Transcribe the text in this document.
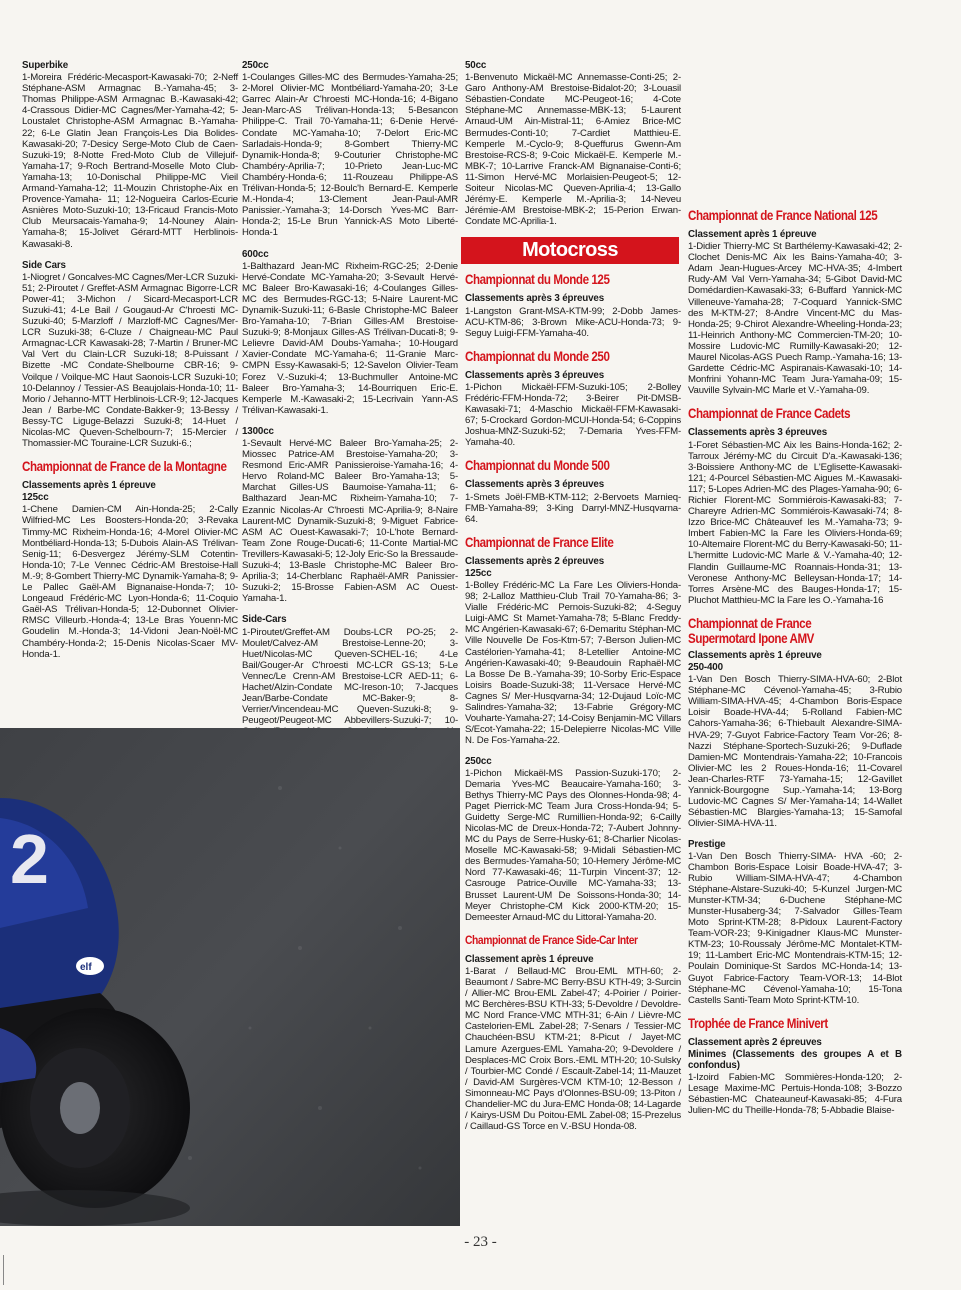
Superbike

1-Moreira Frédéric-Mecasport-Kawasaki-70; 2-Neff Stéphane-ASM Armagnac B.-Yamaha-45; 3-Thomas Philippe-ASM Armagnac B.-Kawasaki-42; 4-Crassous Didier-MC Cagnes/Mer-Yamaha-42; 5-Loustalet Christophe-ASM Armagnac B.-Yamaha-22; 6-Le Glatin Jean François-Les Dia Bolides-Kawasaki-20; 7-Desicy Serge-Moto Club de Caen-Suzuki-19; 8-Notte Fred-Moto Club de Villejuif-Yamaha-17; 9-Roch Bertrand-Moselle Moto Club-Yamaha-13; 10-Donischal Philippe-MC Vieil Armand-Yamaha-12; 11-Mouzin Christophe-Aix en Provence-Yamaha- 11; 12-Nogueira Carlos-Ecurie Asnières Moto-Suzuki-10; 13-Fricaud Francis-Moto Club Meursacais-Yamaha-9; 14-Nouney Alain-Yamaha-8; 15-Jolivet Gérard-MTT Herblinois-Kawasaki-8.

Side Cars

1-Niogret / Goncalves-MC Cagnes/Mer-LCR Suzuki-51; 2-Piroutet / Greffet-ASM Armagnac Bigorre-LCR Power-41; 3-Michon / Sicard-Mecasport-LCR Suzuki-41; 4-Le Bail / Gougaud-Ar C'hroesti MC-Suzuki-40; 5-Marzloff / Marzloff-MC Cagnes/Mer-LCR Suzuki-38; 6-Cluze / Chaigneau-MC Paul Armagnac-LCR Kawasaki-28; 7-Martin / Bruner-MC Val Vert du Clain-LCR Suzuki-18; 8-Puissant / Bizette -MC Condate-Shelbourne CBR-16; 9-Voilque / Voilque-MC Haut Saonois-LCR Suzuki-10; 10-Delannoy / Tessier-AS Beaujolais-Honda-10; 11-Morio / Jehanno-MTT Herblinois-LCR-9; 12-Jacques Jean / Barbe-MC Condate-Bakker-9; 13-Bessy / Bessy-TC Liguge-Belazzi Suzuki-8; 14-Huet / Nicolas-MC Queven-Schelbourn-7; 15-Mercier / Thomassier-MC Touraine-LCR Suzuki-6.;

Championnat de France de la Montagne
Classements après 1 épreuve
125cc

1-Chene Damien-CM Ain-Honda-25; 2-Cally Wilfried-MC Les Boosters-Honda-20; 3-Revaka Timmy-MC Rixheim-Honda-16; 4-Morel Olivier-MC Montbéliard-Honda-13; 5-Dubois Alain-AS Trélivan-Senig-11; 6-Desvergez Jérémy-SLM Cotentin-Honda-10; 7-Le Vennec Cédric-AM Brestoise-Hall M.-9; 8-Gombert Thierry-MC Dynamik-Yamaha-8; 9-Le Pallec Gaël-AM Bignanaise-Honda-7; 10-Longeaud Frédéric-MC Lyon-Honda-6; 11-Coquio Gaël-AS Trélivan-Honda-5; 12-Dubonnet Olivier-RMSC Villeurb.-Honda-4; 13-Le Bras Youenn-MC Goudelin M.-Honda-3; 14-Vidoni Jean-Noël-MC Chambéry-Honda-2; 15-Denis Nicolas-Scaer MV-Honda-1.

250cc

1-Coulanges Gilles-MC des Bermudes-Yamaha-25; 2-Morel Olivier-MC Montbéliard-Yamaha-20; 3-Le Garrec Alain-Ar C'hroesti MC-Honda-16; 4-Bigano Jean-Marc-AS Trélivan-Honda-13; 5-Besancon Philippe-C. Trail 70-Yamaha-11; 6-Denie Hervé-Condate MC-Yamaha-10; 7-Delort Eric-MC Sarladais-Honda-9; 8-Gombert Thierry-MC Dynamik-Honda-8; 9-Couturier Christophe-MC Chambéry-Aprilia-7; 10-Prieto Jean-Luc-MC Chambéry-Honda-6; 11-Rouzeau Philippe-AS Trélivan-Honda-5; 12-Boulc'h Bernard-E. Kemperle M.-Honda-4; 13-Clement Jean-Paul-AMR Panissier.-Yamaha-3; 14-Dorsch Yves-MC Barr-Honda-2; 15-Le Brun Yannick-AS Moto Liberté-Honda-1

600cc

1-Balthazard Jean-MC Rixheim-RGC-25; 2-Denie Hervé-Condate MC-Yamaha-20; 3-Sevault Hervé-MC Baleer Bro-Kawasaki-16; 4-Coulanges Gilles-MC des Bermudes-RGC-13; 5-Naire Laurent-MC Dynamik-Suzuki-11; 6-Basle Christophe-MC Baleer Bro-Yamaha-10; 7-Brian Gilles-AM Brestoise-Suzuki-9; 8-Monjaux Gilles-AS Trélivan-Ducati-8; 9-Lelievre David-AM Doubs-Yamaha-; 10-Hougard Xavier-Condate MC-Yamaha-6; 11-Granie Marc-CMPN Essy-Kawasaki-5; 12-Savelon Olivier-Team Forez V.-Suzuki-4; 13-Buchmuller Antoine-MC Baleer Bro-Yamaha-3; 14-Bourriquen Eric-E. Kemperle M.-Kawasaki-2; 15-Lecrivain Yann-AS Trélivan-Kawasaki-1.

1300cc

1-Sevault Hervé-MC Baleer Bro-Yamaha-25; 2-Miossec Patrice-AM Brestoise-Yamaha-20; 3-Resmond Eric-AMR Panissieroise-Yamaha-16; 4-Hervo Roland-MC Baleer Bro-Yamaha-13; 5-Marchat Gilles-US Baumoise-Yamaha-11; 6-Balthazard Jean-MC Rixheim-Yamaha-10; 7-Ezannic Nicolas-Ar C'hroesti MC-Aprilia-9; 8-Naire Laurent-MC Dynamik-Suzuki-8; 9-Miguet Fabrice-ASM AC Ouest-Kawasaki-7; 10-L'hote Bernard-Team Zone Rouge-Ducati-6; 11-Conte Martial-MC Trevillers-Kawasaki-5; 12-Joly Eric-So la Bressaude-Suzuki-4; 13-Basle Christophe-MC Baleer Bro-Aprilia-3; 14-Cherblanc Raphaël-AMR Panissier-Suzuki-2; 15-Brosse Fabien-ASM AC Ouest-Yamaha-1.

Side-Cars

1-Piroutet/Greffet-AM Doubs-LCR PO-25; 2-Moulet/Calvez-AM Brestoise-Lenne-20; 3-Huet/Nicolas-MC Queven-SCHEL-16; 4-Le Bail/Gouger-Ar C'hroesti MC-LCR GS-13; 5-Le Vennec/Le Crenn-AM Brestoise-LCR AED-11; 6-Hachet/Alzin-Condate MC-Ireson-10; 7-Jacques Jean/Barbe-Condate MC-Baker-9; 8-Verrier/Vincendeau-MC Queven-Suzuki-8; 9-Peugeot/Peugeot-MC Abbevillers-Suzuki-7; 10-

50cc

1-Benvenuto Mickaël-MC Annemasse-Conti-25; 2-Garo Anthony-AM Brestoise-Bidalot-20; 3-Louasil Sébastien-Condate MC-Peugeot-16; 4-Cote Stéphane-MC Annemasse-MBK-13; 5-Laurent Arnaud-UM Ain-Mistral-11; 6-Amiez Brice-MC Bermudes-Conti-10; 7-Cardiet Matthieu-E. Kemperle M.-Cyclo-9; 8-Queffurus Gwenn-Am Brestoise-RCS-8; 9-Coic Mickaël-E. Kemperle M.-MBK-7; 10-Larrive Franck-AM Bignanaise-Conti-6; 11-Simon Hervé-MC Morlaisien-Peugeot-5; 12-Soiteur Nicolas-MC Queven-Aprilia-4; 13-Gallo Jérémy-E. Kemperle M.-Aprilia-3; 14-Neveu Jérémie-AM Brestoise-MBK-2; 15-Perion Erwan-Condate MC-Aprilia-1.

Motocross
Championnat du Monde 125
Classements après 3 épreuves

1-Langston Grant-MSA-KTM-99; 2-Dobb James-ACU-KTM-86; 3-Brown Mike-ACU-Honda-73; 9-Seguy Luigi-FFM-Yamaha-40.

Championnat du Monde 250
Classements après 3 épreuves

1-Pichon Mickaël-FFM-Suzuki-105; 2-Bolley Frédéric-FFM-Honda-72; 3-Beirer Pit-DMSB-Kawasaki-71; 4-Maschio Mickaël-FFM-Kawasaki-67; 5-Crockard Gordon-MCUI-Honda-54; 6-Coppins Joshua-MNZ-Suzuki-52; 7-Demaria Yves-FFM-Yamaha-40.

Championnat du Monde 500
Classements après 3 épreuves

1-Smets Joël-FMB-KTM-112; 2-Bervoets Marnieq-FMB-Yamaha-89; 3-King Darryl-MNZ-Husqvarna-64.

Championnat de France Elite
Classements après 2 épreuves
125cc

1-Bolley Frédéric-MC La Fare Les Oliviers-Honda-98; 2-Lalloz Matthieu-Club Trail 70-Yamaha-86; 3-Vialle Frédéric-MC Pernois-Suzuki-82; 4-Seguy Luigi-AMC St Mamet-Yamaha-78; 5-Blanc Freddy-MC Angérien-Kawasaki-67; 6-Demaritu Stéphan-MC Ville Nouvelle De Fos-Ktm-57; 7-Berson Julien-MC Castélorien-Yamaha-41; 8-Letellier Antoine-MC Angérien-Kawasaki-40; 9-Beaudouin Raphaël-MC La Bosse De B.-Yamaha-39; 10-Sorby Eric-Espace Loisirs Boade-Suzuki-38; 11-Versace Hervé-MC Cagnes S/ Mer-Husqvarna-34; 12-Dujaud Loïc-MC Salindres-Yamaha-32; 13-Fabrie Grégory-MC Vouharte-Yamaha-27; 14-Coisy Benjamin-MC Villars S/Ecot-Yamaha-22; 15-Delepierre Nicolas-MC Ville N. De Fos-Yamaha-22.

250cc

1-Pichon Mickaël-MS Passion-Suzuki-170; 2-Demaria Yves-MC Beaucaire-Yamaha-160; 3-Bethys Thierry-MC Pays des Olonnes-Honda-98; 4-Paget Pierrick-MC Team Jura Cross-Honda-94; 5-Guidetty Serge-MC Rumillien-Honda-92; 6-Cailly Nicolas-MC de Dreux-Honda-72; 7-Aubert Johnny-MC du Pays de Serre-Husky-61; 8-Charlier Nicolas-Moselle MC-Kawasaki-58; 9-Midali Sébastien-MC des Bermudes-Yamaha-50; 10-Hemery Jérôme-MC Nord 77-Kawasaki-46; 11-Turpin Vincent-37; 12-Casrouge Patrice-Ouville MC-Yamaha-33; 13-Brusset Laurent-UM De Soissons-Honda-30; 14-Meyer Christophe-CM Kick 2000-KTM-20; 15-Demeester Arnaud-MC du Littoral-Yamaha-20.

Championnat de France Side-Car Inter
Classement après 1 épreuve

1-Barat / Bellaud-MC Brou-EML MTH-60; 2-Beaumont / Sabre-MC Berry-BSU KTH-49; 3-Surcin / Allier-MC Brou-EML Zabel-47; 4-Poirier / Poirier-MC Berchères-BSU KTH-33; 5-Devoldre / Devoldre-MC Nord France-VMC MTH-31; 6-Ain / Lièvre-MC Castelorien-EML Zabel-28; 7-Senars / Tessier-MC Chauchéen-BSU KTM-21; 8-Picut / Jayet-MC Lamure Azergues-EML Yamaha-20; 9-Devoldere / Desplaces-MC Croix Bors.-EML MTH-20; 10-Sulsky / Tourbier-MC Condé / Escault-Zabel-14; 11-Mauzet / David-AM Surgères-VCM KTM-10; 12-Besson / Simonneau-MC Pays d'Olonnes-BSU-09; 13-Piton / Chandelier-MC du Jura-EMC Honda-08; 14-Lagarde / Kairys-USM Du Poitou-EML Zabel-08; 15-Prezelus / Caillaud-GS Torce en V.-BSU Honda-08.

Championnat de France National 125
Classement après 1 épreuve

1-Didier Thierry-MC St Barthélemy-Kawasaki-42; 2-Clochet Denis-MC Aix les Bains-Yamaha-40; 3-Adam Jean-Hugues-Arcey MC-HVA-35; 4-Imbert Rudy-AM Val Vern-Yamaha-34; 5-Gibot David-MC Domédardien-Kawasaki-33; 6-Buffard Yannick-MC Villeneuve-Yamaha-28; 7-Coquard Yannick-SMC des M-KTM-27; 8-Andre Vincent-MC du Mas-Honda-25; 9-Chirot Alexandre-Wheeling-Honda-23; 11-Heinrich Anthony-MC Commercien-TM-20; 10-Mossire Ludovic-MC Rumilly-Kawasaki-20; 12-Maurel Nicolas-AGS Puech Ramp.-Yamaha-16; 13-Gardette Cédric-MC Aspiranais-Kawasaki-10; 14-Monfrini Yohann-MC Team Jura-Yamaha-09; 15-Vauville Sylvain-MC Marle et V.-Yamaha-09.

Championnat de France Cadets
Classements après 3 épreuves

1-Foret Sébastien-MC Aix les Bains-Honda-162; 2-Tarroux Jérémy-MC du Circuit D'a.-Kawasaki-136; 3-Boissiere Anthony-MC de L'Eglisette-Kawasaki-121; 4-Pourcel Sébastien-MC Aigues M.-Kawasaki-117; 5-Lopes Adrien-MC des Plages-Yamaha-90; 6-Richier Florent-MC Sommiérois-Kawasaki-83; 7-Chareyre Adrien-MC Sommiérois-Kawasaki-74; 8-Izzo Brice-MC Châteauvef les M.-Yamaha-73; 9-Imbert Fabien-MC la Fare les Oliviers-Honda-69; 10-Altemaire Florent-MC du Berry-Kawasaki-50; 11-L'hermitte Ludovic-MC Marle & V.-Yamaha-40; 12-Flandin Guillaume-MC Roannais-Honda-31; 13-Veronese Anthony-MC Belleysan-Honda-17; 14-Torres Arsène-MC des Bauges-Honda-17; 15-Pluchot Matthieu-MC la Fare les O.-Yamaha-16

Championnat de France
Supermotard Ipone AMV
Classements après 1 épreuve
250-400

1-Van Den Bosch Thierry-SIMA-HVA-60; 2-Blot Stéphane-MC Cévenol-Yamaha-45; 3-Rubio William-SIMA-HVA-45; 4-Chambon Boris-Espace Loisir Boade-HVA-44; 5-Rolland Fabien-MC Cahors-Yamaha-36; 6-Thiebault Alexandre-SIMA-HVA-29; 7-Guyot Fabrice-Factory Team Vor-26; 8-Nazzi Stéphane-Sportech-Suzuki-26; 9-Duflade Damien-MC Montendrais-Yamaha-22; 10-Francois Olivier-MC les 2 Roues-Honda-16; 11-Covarel Jean-Charles-RTF 73-Yamaha-15; 12-Gavillet Yannick-Bourgogne Sup.-Yamaha-14; 13-Borg Ludovic-MC Cagnes S/ Mer-Yamaha-14; 14-Wallet Sébastien-MC Blargies-Yamaha-13; 15-Samofal Olivier-SIMA-HVA-11.

Prestige

1-Van Den Bosch Thierry-SIMA- HVA -60; 2-Chambon Boris-Espace Loisir Boade-HVA-47; 3-Rubio William-SIMA-HVA-47; 4-Chambon Stéphane-Alstare-Suzuki-40; 5-Kunzel Jurgen-MC Munster-KTM-34; 6-Duchene Stéphane-MC Munster-Husaberg-34; 7-Salvador Gilles-Team Moto Sprint-KTM-28; 8-Pidoux Laurent-Factory Team-VOR-23; 9-Kinigadner Klaus-MC Munster-KTM-23; 10-Roussaly Jérôme-MC Montalet-KTM-19; 11-Lambert Eric-MC Montendrais-KTM-15; 12-Poulain Dominique-St Sardos MC-Honda-14; 13-Guyot Fabrice-Factory Team-VOR-13; 14-Blot Stéphane-MC Cévenol-Yamaha-10; 15-Tona Castells Santi-Team Moto Sprint-KTM-10.

Trophée de France Minivert
Classement après 2 épreuves
Minimes (Classements des groupes A et B confondus)

1-Izoird Fabien-MC Sommières-Honda-120; 2-Lesage Maxime-MC Pertuis-Honda-108; 3-Bozzo Sébastien-MC Chateauneuf-Kawasaki-85; 4-Fura Julien-MC du Theille-Honda-78; 5-Abbadie Blaise-

2
elf
- 23 -
